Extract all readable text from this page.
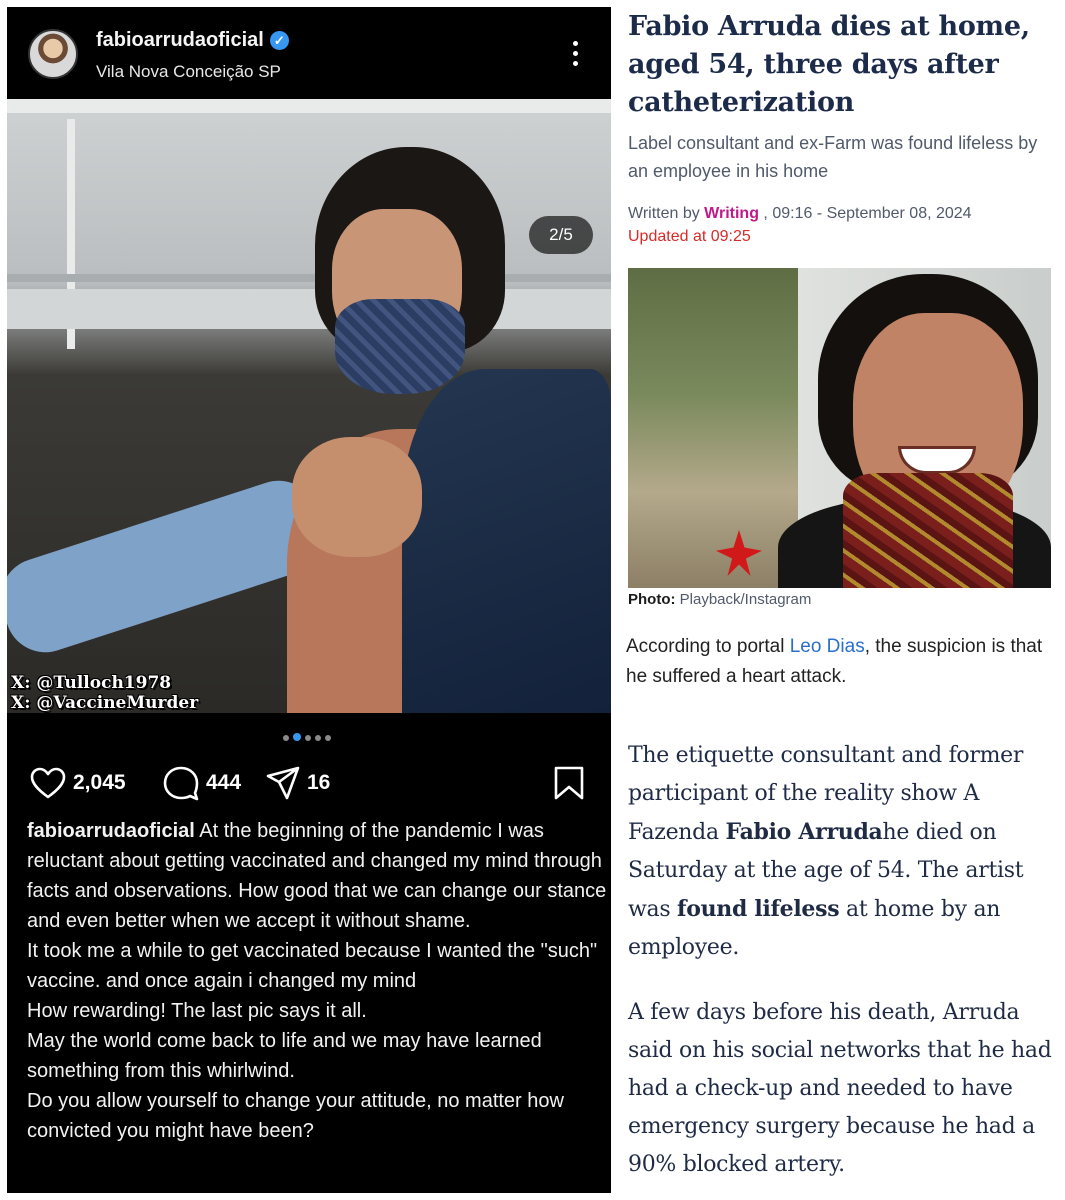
fabioarrudaoficial ✓
Vila Nova Conceição SP
2/5
X: @Tulloch1978
X: @VaccineMurder
2,045	444	16

fabioarrudaoficial At the beginning of the pandemic I was reluctant about getting vaccinated and changed my mind through facts and observations. How good that we can change our stance and even better when we accept it without shame.

It took me a while to get vaccinated because I wanted the "such" vaccine. and once again i changed my mind

How rewarding! The last pic says it all.

May the world come back to life and we may have learned something from this whirlwind.

Do you allow yourself to change your attitude, no matter how convicted you might have been?

Fabio Arruda dies at home, aged 54, three days after catheterization
Label consultant and ex-Farm was found lifeless by an employee in his home
Written by Writing , 09:16 - September 08, 2024
Updated at 09:25
Photo: Playback/Instagram

According to portal Leo Dias, the suspicion is that he suffered a heart attack.

The etiquette consultant and former participant of the reality show A Fazenda Fabio Arrudahe died on Saturday at the age of 54. The artist was found lifeless at home by an employee.

A few days before his death, Arruda said on his social networks that he had had a check-up and needed to have emergency surgery because he had a 90% blocked artery.
